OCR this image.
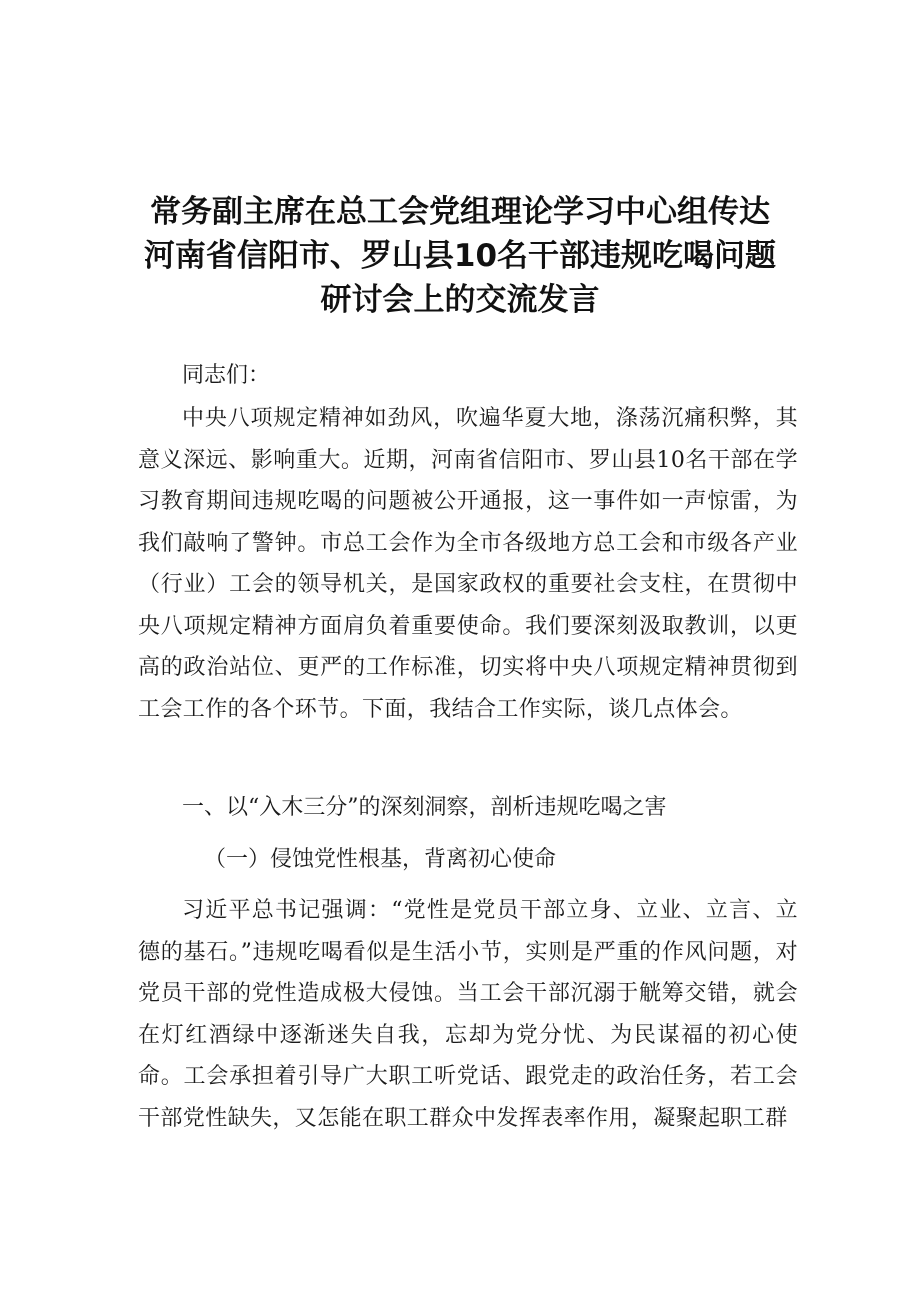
常务副主席在总工会党组理论学习中心组传达
河南省信阳市、罗山县10名干部违规吃喝问题
研讨会上的交流发言

同志们：

中央八项规定精神如劲风，吹遍华夏大地，涤荡沉痛积弊，其意义深远、影响重大。近期，河南省信阳市、罗山县10名干部在学习教育期间违规吃喝的问题被公开通报，这一事件如一声惊雷，为我们敲响了警钟。市总工会作为全市各级地方总工会和市级各产业（行业）工会的领导机关，是国家政权的重要社会支柱，在贯彻中央八项规定精神方面肩负着重要使命。我们要深刻汲取教训，以更高的政治站位、更严的工作标准，切实将中央八项规定精神贯彻到工会工作的各个环节。下面，我结合工作实际，谈几点体会。

一、以“入木三分”的深刻洞察，剖析违规吃喝之害

（一）侵蚀党性根基，背离初心使命

习近平总书记强调：“党性是党员干部立身、立业、立言、立德的基石。”违规吃喝看似是生活小节，实则是严重的作风问题，对党员干部的党性造成极大侵蚀。当工会干部沉溺于觥筹交错，就会在灯红酒绿中逐渐迷失自我，忘却为党分忧、为民谋福的初心使命。工会承担着引导广大职工听党话、跟党走的政治任务，若工会干部党性缺失，又怎能在职工群众中发挥表率作用，凝聚起职工群
